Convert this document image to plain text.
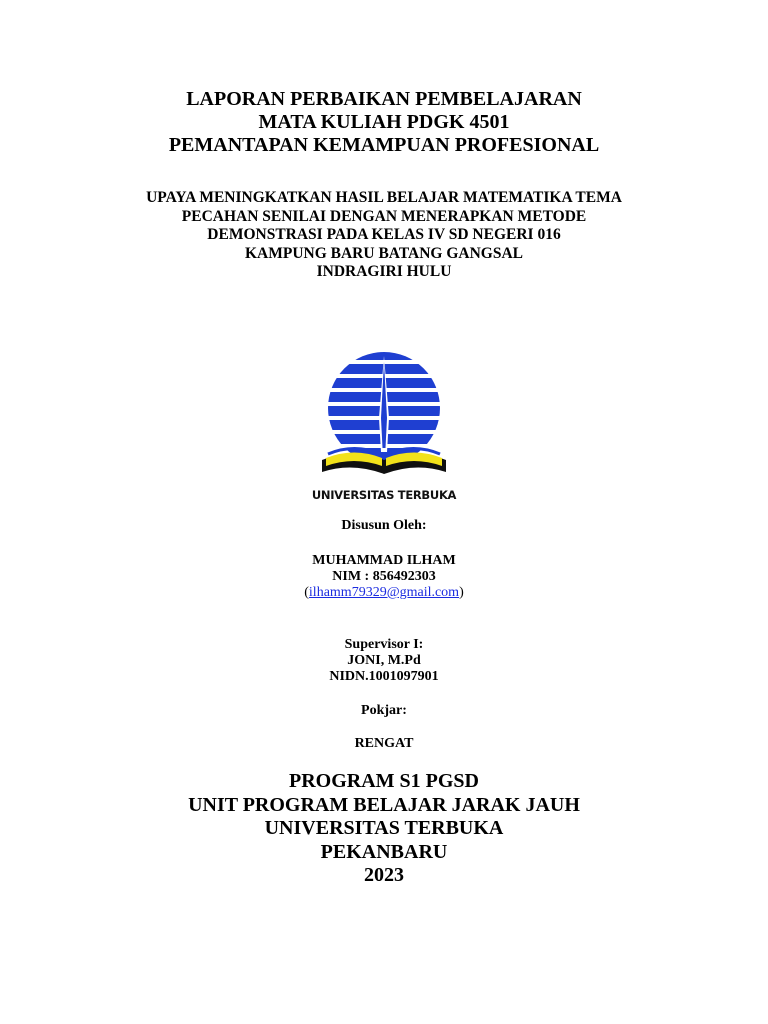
LAPORAN PERBAIKAN PEMBELAJARAN
MATA KULIAH PDGK 4501
PEMANTAPAN KEMAMPUAN PROFESIONAL
UPAYA MENINGKATKAN HASIL BELAJAR MATEMATIKA TEMA
PECAHAN SENILAI DENGAN MENERAPKAN METODE
DEMONSTRASI PADA KELAS IV SD NEGERI 016
KAMPUNG BARU BATANG GANGSAL
INDRAGIRI HULU
UNIVERSITAS TERBUKA
Disusun Oleh:
MUHAMMAD ILHAM
NIM : 856492303
(ilhamm79329@gmail.com)
Supervisor I:
JONI, M.Pd
NIDN.1001097901
Pokjar:
RENGAT
PROGRAM S1 PGSD
UNIT PROGRAM BELAJAR JARAK JAUH
UNIVERSITAS TERBUKA
PEKANBARU
2023
